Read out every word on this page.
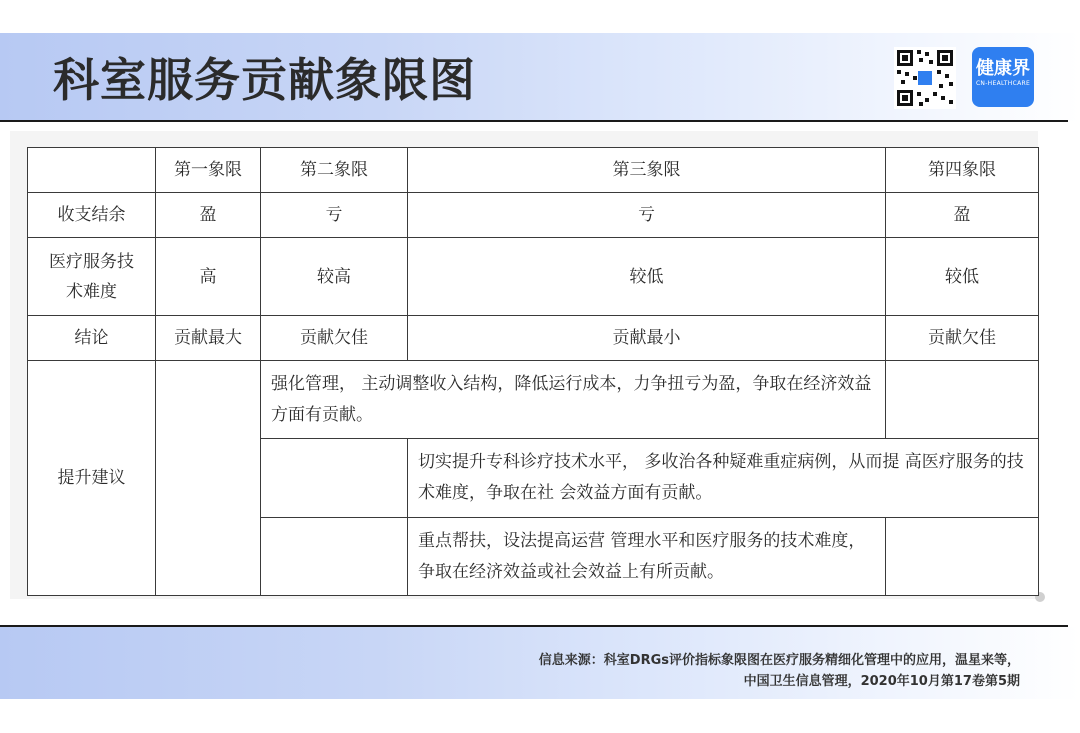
科室服务贡献象限图	健康界
CN-HEALTHCARE
	第一象限	第二象限	第三象限	第四象限
收支结余	盈	亏	亏	盈

医疗服务技术难度	高	较高	较低	较低
结论	贡献最大	贡献欠佳	贡献最小	贡献欠佳
提升建议		强化管理， 主动调整收入结构，降低运行成本，力争扭亏为盈，争取在经济效益方面有贡献。		
			切实提升专科诊疗技术水平， 多收治各种疑难重症病例，从而提 高医疗服务的技术难度，争取在社 会效益方面有贡献。	
			重点帮扶，设法提高运营 管理水平和医疗服务的技术难度，争取在经济效益或社会效益上有所贡献。	
信息来源：科室DRGs评价指标象限图在医疗服务精细化管理中的应用，温星来等，
中国卫生信息管理，2020年10月第17卷第5期
